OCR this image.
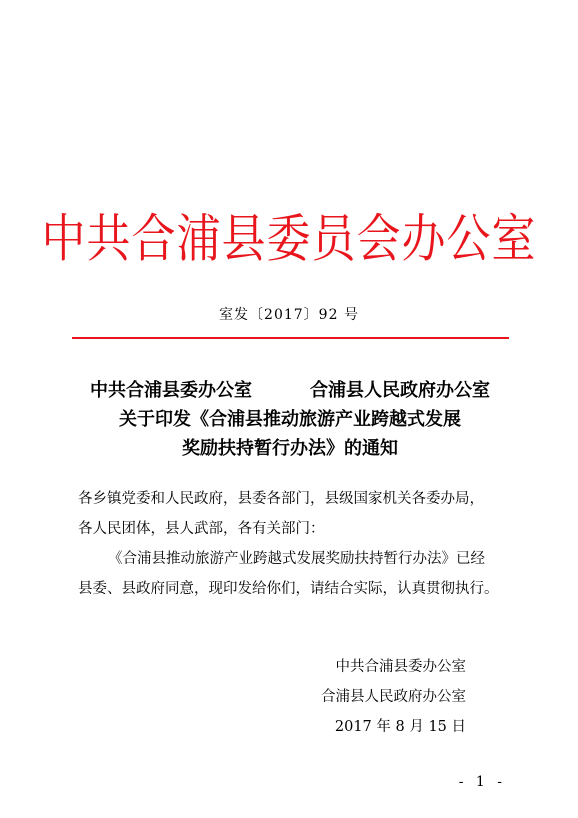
中共合浦县委员会办公室
室发〔2017〕92 号
中共合浦县委办公室	合浦县人民政府办公室
关于印发《合浦县推动旅游产业跨越式发展
奖励扶持暂行办法》的通知
各乡镇党委和人民政府，县委各部门，县级国家机关各委办局，
各人民团体，县人武部，各有关部门：
《合浦县推动旅游产业跨越式发展奖励扶持暂行办法》已经
县委、县政府同意，现印发给你们，请结合实际，认真贯彻执行。
中共合浦县委办公室
合浦县人民政府办公室
2017 年 8 月 15 日
- 1 -
